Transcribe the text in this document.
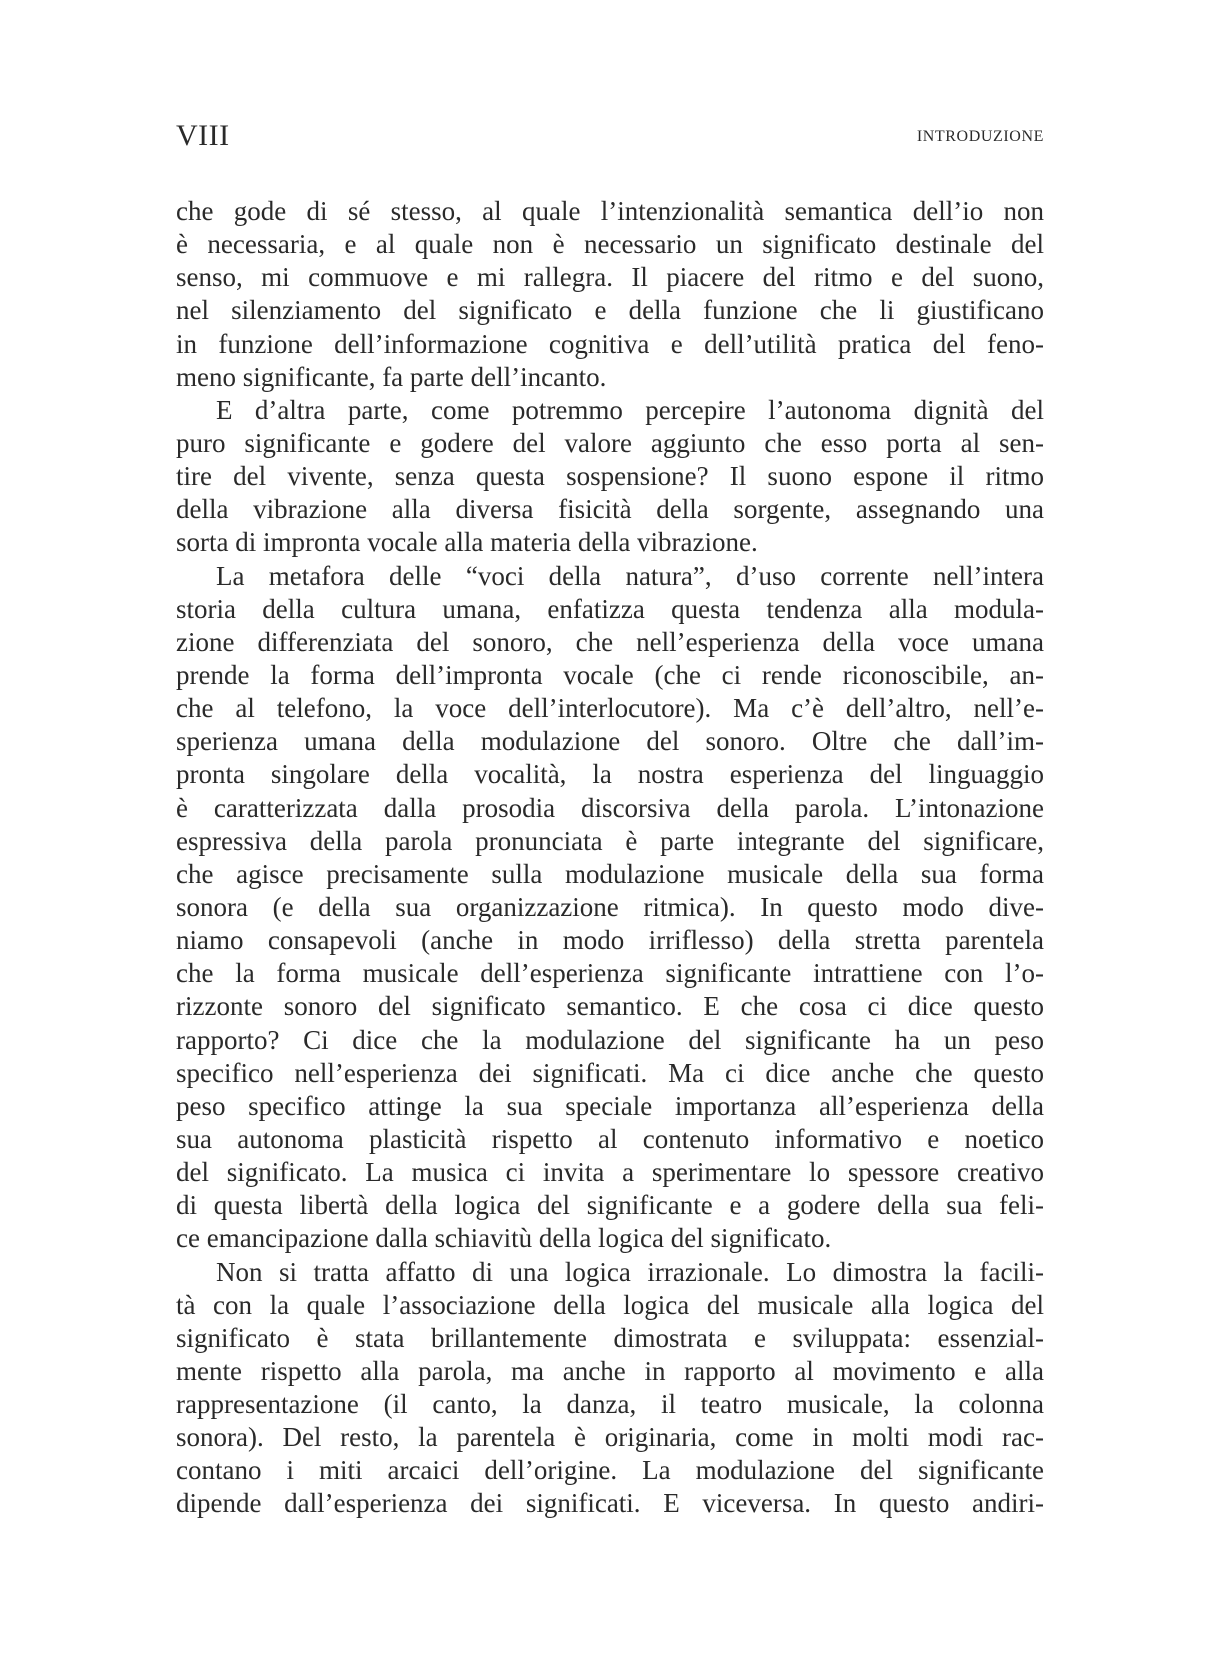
VIII	INTRODUZIONE
che gode di sé stesso, al quale l’intenzionalità semantica dell’io non
è necessaria, e al quale non è necessario un significato destinale del
senso, mi commuove e mi rallegra. Il piacere del ritmo e del suono,
nel silenziamento del significato e della funzione che li giustificano
in funzione dell’informazione cognitiva e dell’utilità pratica del feno-
meno significante, fa parte dell’incanto.
E d’altra parte, come potremmo percepire l’autonoma dignità del
puro significante e godere del valore aggiunto che esso porta al sen-
tire del vivente, senza questa sospensione? Il suono espone il ritmo
della vibrazione alla diversa fisicità della sorgente, assegnando una
sorta di impronta vocale alla materia della vibrazione.
La metafora delle “voci della natura”, d’uso corrente nell’intera
storia della cultura umana, enfatizza questa tendenza alla modula-
zione differenziata del sonoro, che nell’esperienza della voce umana
prende la forma dell’impronta vocale (che ci rende riconoscibile, an-
che al telefono, la voce dell’interlocutore). Ma c’è dell’altro, nell’e-
sperienza umana della modulazione del sonoro. Oltre che dall’im-
pronta singolare della vocalità, la nostra esperienza del linguaggio
è caratterizzata dalla prosodia discorsiva della parola. L’intonazione
espressiva della parola pronunciata è parte integrante del significare,
che agisce precisamente sulla modulazione musicale della sua forma
sonora (e della sua organizzazione ritmica). In questo modo dive-
niamo consapevoli (anche in modo irriflesso) della stretta parentela
che la forma musicale dell’esperienza significante intrattiene con l’o-
rizzonte sonoro del significato semantico. E che cosa ci dice questo
rapporto? Ci dice che la modulazione del significante ha un peso
specifico nell’esperienza dei significati. Ma ci dice anche che questo
peso specifico attinge la sua speciale importanza all’esperienza della
sua autonoma plasticità rispetto al contenuto informativo e noetico
del significato. La musica ci invita a sperimentare lo spessore creativo
di questa libertà della logica del significante e a godere della sua feli-
ce emancipazione dalla schiavitù della logica del significato.
Non si tratta affatto di una logica irrazionale. Lo dimostra la facili-
tà con la quale l’associazione della logica del musicale alla logica del
significato è stata brillantemente dimostrata e sviluppata: essenzial-
mente rispetto alla parola, ma anche in rapporto al movimento e alla
rappresentazione (il canto, la danza, il teatro musicale, la colonna
sonora). Del resto, la parentela è originaria, come in molti modi rac-
contano i miti arcaici dell’origine. La modulazione del significante
dipende dall’esperienza dei significati. E viceversa. In questo andiri-
